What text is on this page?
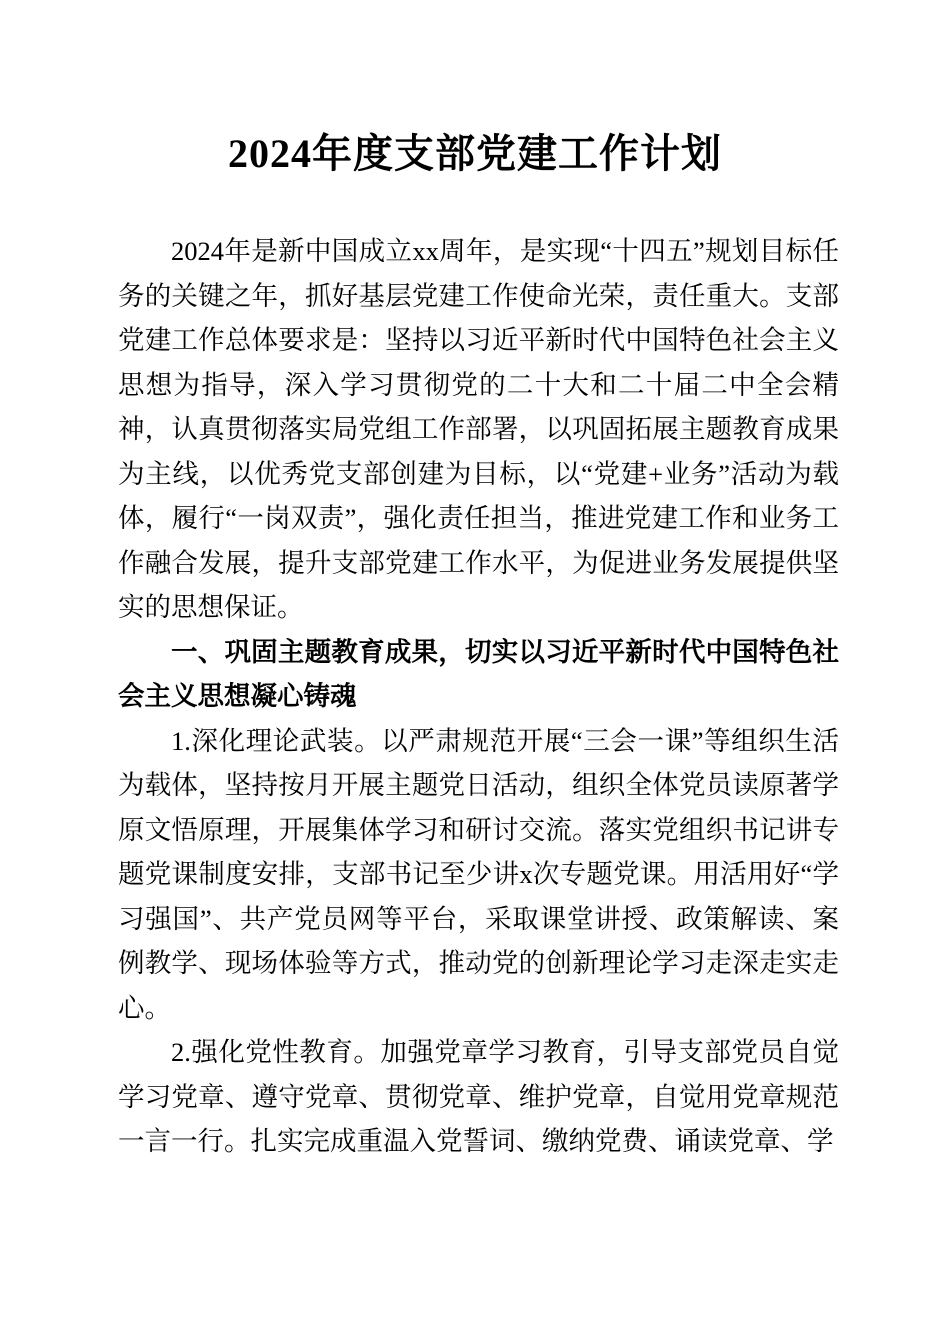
2024年度支部党建工作计划

2024年是新中国成立xx周年，是实现“十四五”规划目标任务的关键之年，抓好基层党建工作使命光荣，责任重大。支部党建工作总体要求是：坚持以习近平新时代中国特色社会主义思想为指导，深入学习贯彻党的二十大和二十届二中全会精神，认真贯彻落实局党组工作部署，以巩固拓展主题教育成果为主线，以优秀党支部创建为目标，以“党建+业务”活动为载体，履行“一岗双责”，强化责任担当，推进党建工作和业务工作融合发展，提升支部党建工作水平，为促进业务发展提供坚实的思想保证。

一、巩固主题教育成果，切实以习近平新时代中国特色社会主义思想凝心铸魂

1.深化理论武装。以严肃规范开展“三会一课”等组织生活为载体，坚持按月开展主题党日活动，组织全体党员读原著学原文悟原理，开展集体学习和研讨交流。落实党组织书记讲专题党课制度安排，支部书记至少讲x次专题党课。用活用好“学习强国”、共产党员网等平台，采取课堂讲授、政策解读、案例教学、现场体验等方式，推动党的创新理论学习走深走实走心。

2.强化党性教育。加强党章学习教育，引导支部党员自觉学习党章、遵守党章、贯彻党章、维护党章，自觉用党章规范一言一行。扎实完成重温入党誓词、缴纳党费、诵读党章、学
